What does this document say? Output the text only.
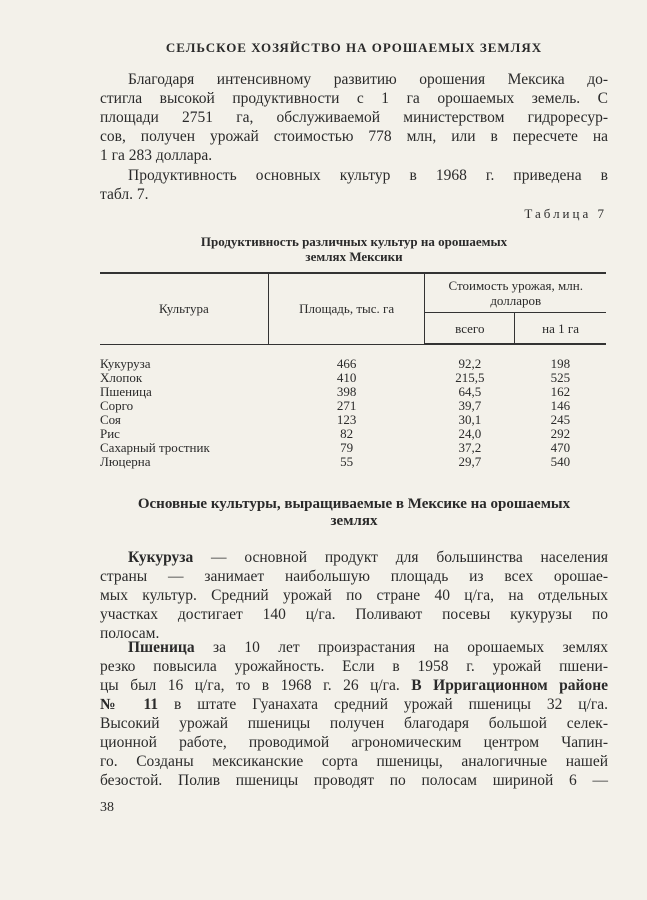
СЕЛЬСКОЕ ХОЗЯЙСТВО НА ОРОШАЕМЫХ ЗЕМЛЯХ
Благодаря интенсивному развитию орошения Мексика до-
стигла высокой продуктивности с 1 га орошаемых земель. С
площади 2751 га, обслуживаемой министерством гидроресур-
сов, получен урожай стоимостью 778 млн, или в пересчете на
1 га 283 доллара.
Продуктивность основных культур в 1968 г. приведена в
табл. 7.
Таблица 7
Продуктивность различных культур на орошаемых
землях Мексики
Культура	Площадь, тыс. га	Стоимость урожая, млн. долларов	
		всего	на 1 га
Кукуруза	466	92,2	198
Хлопок	410	215,5	525
Пшеница	398	64,5	162
Сорго	271	39,7	146
Соя	123	30,1	245
Рис	82	24,0	292
Сахарный тростник	79	37,2	470
Люцерна	55	29,7	540
Основные культуры, выращиваемые в Мексике на орошаемых
землях
Кукуруза — основной продукт для большинства населения
страны — занимает наибольшую площадь из всех орошае-
мых культур. Средний урожай по стране 40 ц/га, на отдельных
участках достигает 140 ц/га. Поливают посевы кукурузы по
полосам.
Пшеница за 10 лет произрастания на орошаемых землях
резко повысила урожайность. Если в 1958 г. урожай пшени-
цы был 16 ц/га, то в 1968 г. 26 ц/га. В Ирригационном районе
№ 11 в штате Гуанахата средний урожай пшеницы 32 ц/га.
Высокий урожай пшеницы получен благодаря большой селек-
ционной работе, проводимой агрономическим центром Чапин-
го. Созданы мексиканские сорта пшеницы, аналогичные нашей
безостой. Полив пшеницы проводят по полосам шириной 6 —
38
